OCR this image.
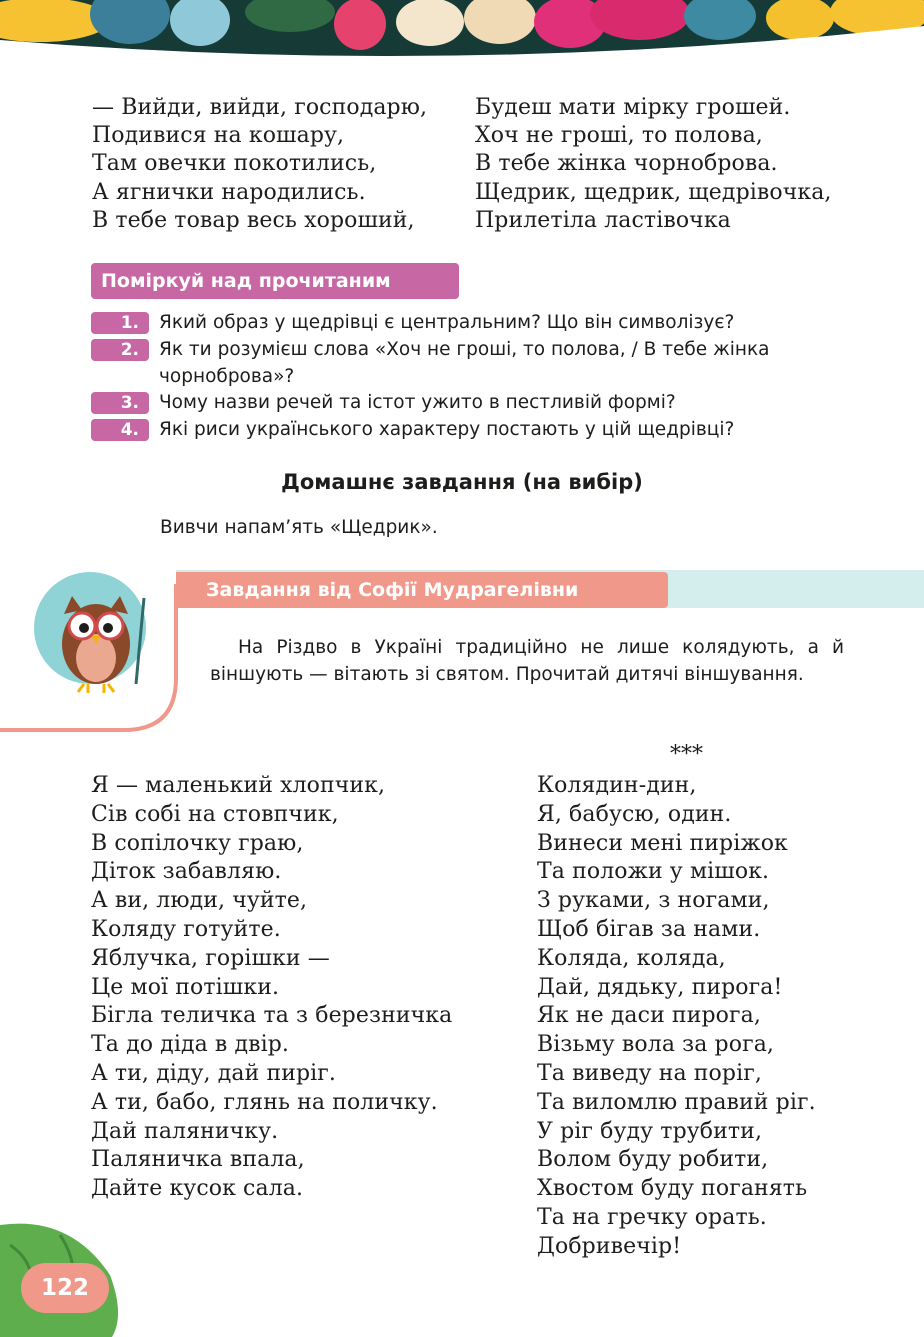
— Вийди, вийди, господарю,
Подивися на кошару,
Там овечки покотились,
А ягнички народились.
В тебе товар весь хороший,
Будеш мати мірку грошей.
Хоч не гроші, то полова,
В тебе жінка чорноброва.
Щедрик, щедрик, щедрівочка,
Прилетіла ластівочка
Поміркуй над прочитаним
1.	Який образ у щедрівці є центральним? Що він символізує?
2.	Як ти розумієш слова «Хоч не гроші, то полова, / В тебе жінка чорноброва»?
3.	Чому назви речей та істот ужито в пестливій формі?
4.	Які риси українського характеру постають у цій щедрівці?
Домашнє завдання (на вибір)
Вивчи напам’ять «Щедрик».
Завдання від Софії Мудрагелівни

На Різдво в Україні традиційно не лише колядують, а й віншують — вітають зі святом. Прочитай дитячі віншування.

***
Я — маленький хлопчик,
Сів собі на стовпчик,
В сопілочку граю,
Діток забавляю.
А ви, люди, чуйте,
Коляду готуйте.
Яблучка, горішки —
Це мої потішки.
Бігла теличка та з березничка
Та до діда в двір.
А ти, діду, дай пиріг.
А ти, бабо, глянь на поличку.
Дай паляничку.
Паляничка впала,
Дайте кусок сала.
Колядин-дин,
Я, бабусю, один.
Винеси мені пиріжок
Та положи у мішок.
З руками, з ногами,
Щоб бігав за нами.
Коляда, коляда,
Дай, дядьку, пирога!
Як не даси пирога,
Візьму вола за рога,
Та виведу на поріг,
Та виломлю правий ріг.
У ріг буду трубити,
Волом буду робити,
Хвостом буду поганять
Та на гречку орать.
Добривечір!
122
